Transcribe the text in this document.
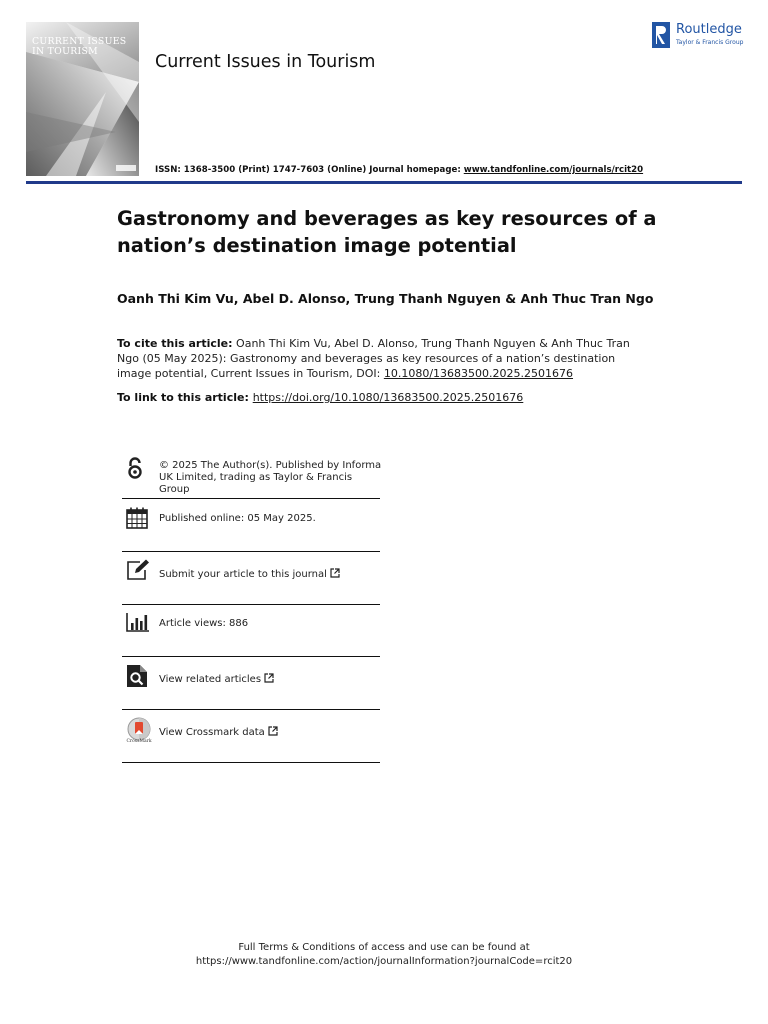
CURRENT ISSUES IN TOURISM
Current Issues in Tourism
ISSN: 1368-3500 (Print) 1747-7603 (Online) Journal homepage: www.tandfonline.com/journals/rcit20
Routledge
Taylor & Francis Group
Gastronomy and beverages as key resources of a nation’s destination image potential
Oanh Thi Kim Vu, Abel D. Alonso, Trung Thanh Nguyen & Anh Thuc Tran Ngo
To cite this article: Oanh Thi Kim Vu, Abel D. Alonso, Trung Thanh Nguyen & Anh Thuc Tran Ngo (05 May 2025): Gastronomy and beverages as key resources of a nation’s destination image potential, Current Issues in Tourism, DOI: 10.1080/13683500.2025.2501676
To link to this article: https://doi.org/10.1080/13683500.2025.2501676
© 2025 The Author(s). Published by Informa UK Limited, trading as Taylor & Francis Group
Published online: 05 May 2025.
Submit your article to this journal
Article views: 886
View related articles
CrossMark
View Crossmark data
Full Terms & Conditions of access and use can be found at
https://www.tandfonline.com/action/journalInformation?journalCode=rcit20
